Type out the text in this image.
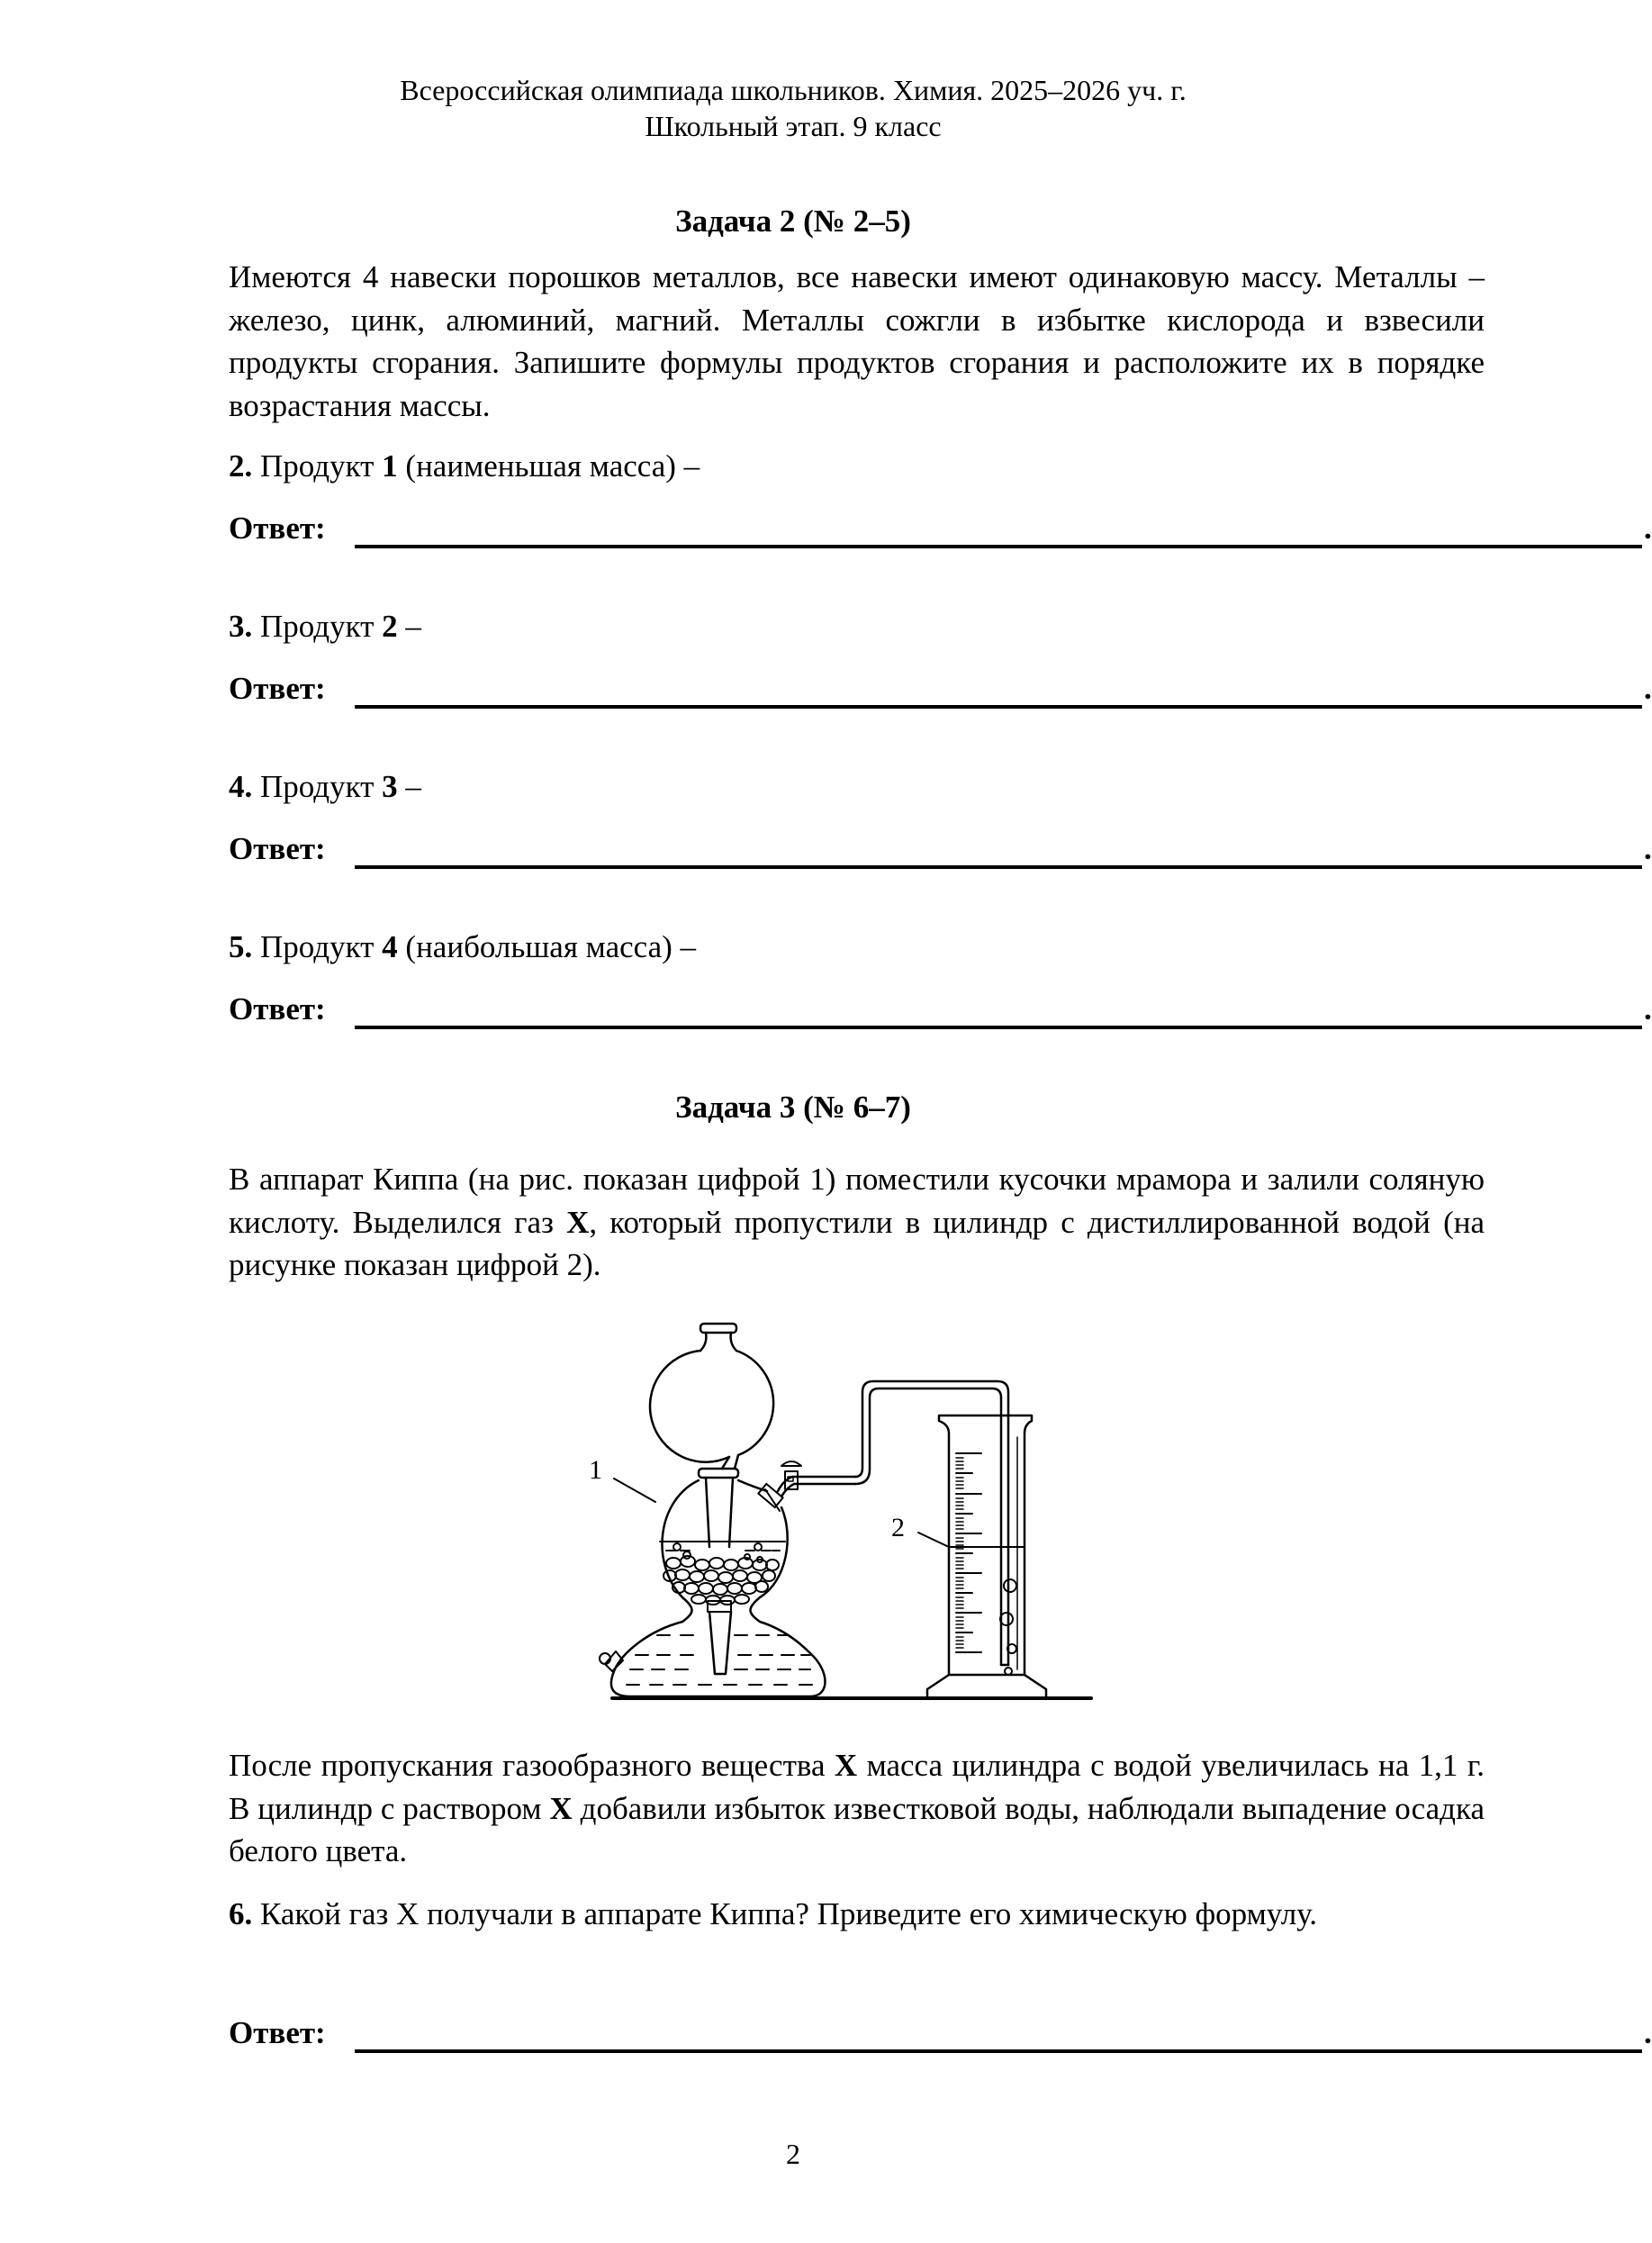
Всероссийская олимпиада школьников. Химия. 2025–2026 уч. г.
Школьный этап. 9 класс
Задача 2 (№ 2–5)
Имеются 4 навески порошков металлов, все навески имеют одинаковую массу. Металлы – железо, цинк, алюминий, магний. Металлы сожгли в избытке кислорода и взвесили продукты сгорания. Запишите формулы продуктов сгорания и расположите их в порядке возрастания массы.
2. Продукт 1 (наименьшая масса) –
Ответ:	.
3. Продукт 2 –
Ответ:	.
4. Продукт 3 –
Ответ:	.
5. Продукт 4 (наибольшая масса) –
Ответ:	.
Задача 3 (№ 6–7)
В аппарат Киппа (на рис. показан цифрой 1) поместили кусочки мрамора и залили соляную кислоту. Выделился газ X, который пропустили в цилиндр с дистиллированной водой (на рисунке показан цифрой 2).
1
2
После пропускания газообразного вещества X масса цилиндра с водой увеличилась на 1,1 г. В цилиндр с раствором X добавили избыток известковой воды, наблюдали выпадение осадка белого цвета.
6. Какой газ X получали в аппарате Киппа? Приведите его химическую формулу.
Ответ:	.
2
